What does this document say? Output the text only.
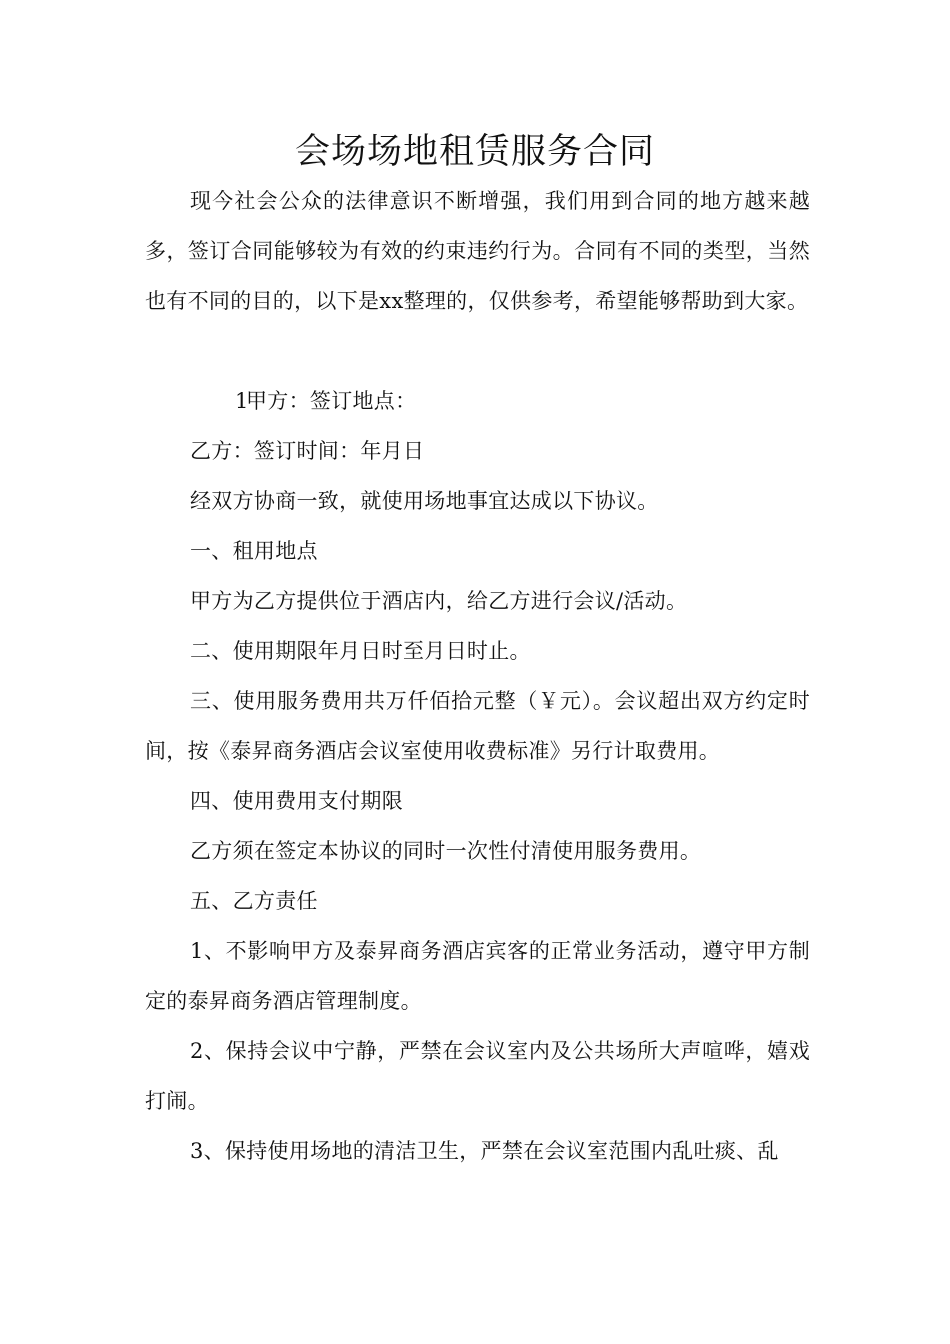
会场场地租赁服务合同

现今社会公众的法律意识不断增强，我们用到合同的地方越来越多，签订合同能够较为有效的约束违约行为。合同有不同的类型，当然也有不同的目的，以下是xx整理的，仅供参考，希望能够帮助到大家。

1甲方：签订地点：

乙方：签订时间：年月日

经双方协商一致，就使用场地事宜达成以下协议。

一、租用地点

甲方为乙方提供位于酒店内，给乙方进行会议/活动。

二、使用期限年月日时至月日时止。

三、使用服务费用共万仟佰拾元整（￥元）。会议超出双方约定时间，按《泰昇商务酒店会议室使用收费标准》另行计取费用。

四、使用费用支付期限

乙方须在签定本协议的同时一次性付清使用服务费用。

五、乙方责任

1、不影响甲方及泰昇商务酒店宾客的正常业务活动，遵守甲方制定的泰昇商务酒店管理制度。

2、保持会议中宁静，严禁在会议室内及公共场所大声喧哗，嬉戏打闹。

3、保持使用场地的清洁卫生，严禁在会议室范围内乱吐痰、乱
